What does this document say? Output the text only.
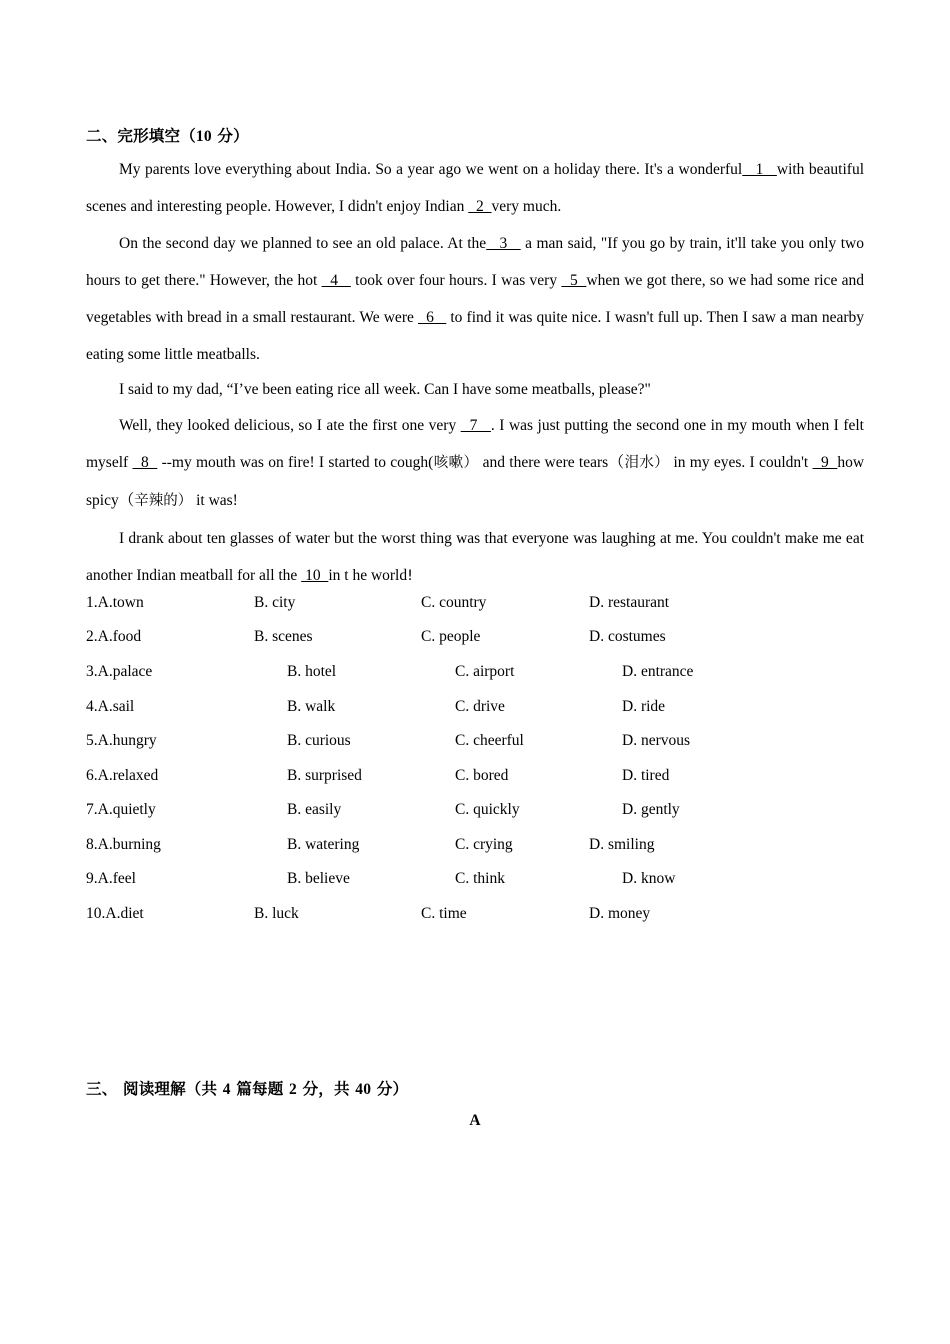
二、完形填空（10 分）

My parents love everything about India. So a year ago we went on a holiday there. It's a wonderful   1   with beautiful scenes and interesting people. However, I didn't enjoy Indian   2  very much.

On the second day we planned to see an old palace. At the   3    a man said, "If you go by train, it'll take you only two hours to get there." However, the hot   4    took over four hours. I was very   5  when we got there, so we had some rice and vegetables with bread in a small restaurant. We were   6    to find it was quite nice. I wasn't full up. Then I saw a man nearby eating some little meatballs.

I said to my dad, “I’ve been eating rice all week. Can I have some meatballs, please?"

Well, they looked delicious, so I ate the first one very   7   . I was just putting the second one in my mouth when I felt myself   8   --my mouth was on fire! I started to cough(咳嗽） and there were tears（泪水） in my eyes. I couldn't   9  how spicy（辛辣的） it was!

I drank about ten glasses of water but the worst thing was that everyone was laughing at me. You couldn't make me eat another Indian meatball for all the  10  in t he world!

1.A.town	B. city	C. country	D. restaurant
2.A.food	B. scenes	C. people	D. costumes
3.A.palace	B. hotel	C. airport	D. entrance
4.A.sail	B. walk	C. drive	D. ride
5.A.hungry	B. curious	C. cheerful	D. nervous
6.A.relaxed	B. surprised	C. bored	D. tired
7.A.quietly	B. easily	C. quickly	D. gently
8.A.burning	B. watering	C. crying	D. smiling
9.A.feel	B. believe	C. think	D. know
10.A.diet	B. luck	C. time	D. money
三、 阅读理解（共 4 篇每题 2 分，共 40 分）
A
